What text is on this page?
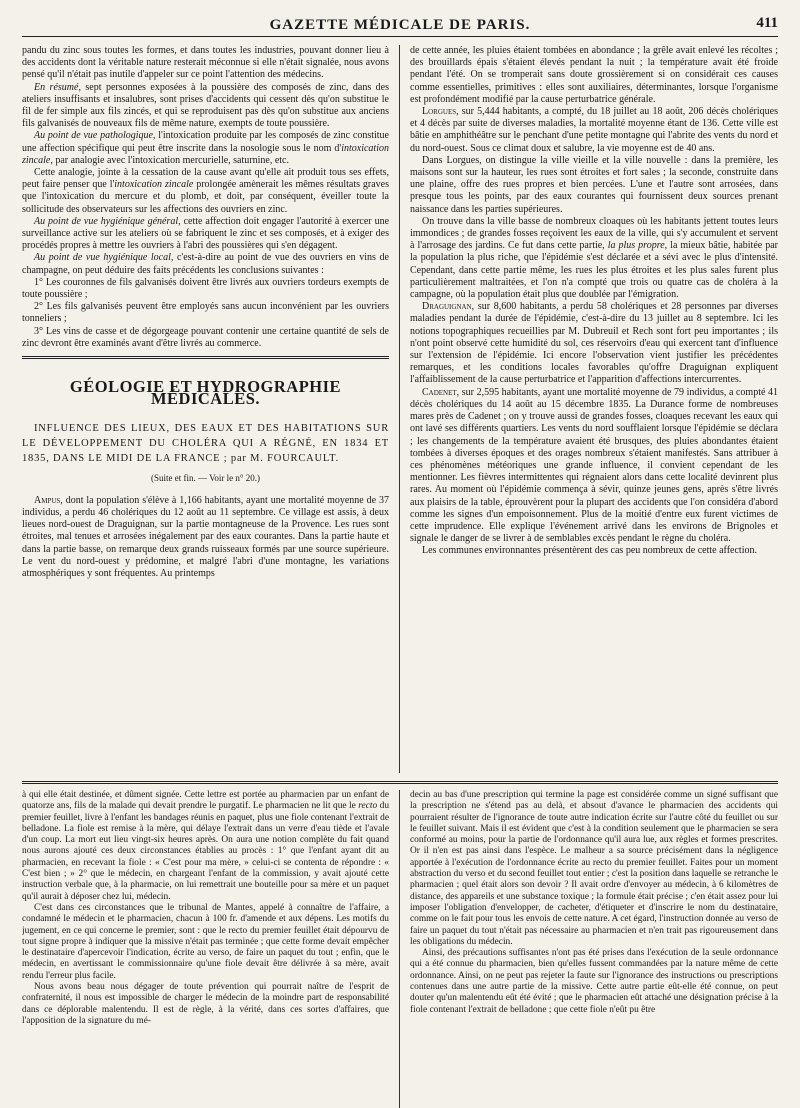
GAZETTE MÉDICALE DE PARIS.	411

pandu du zinc sous toutes les formes, et dans toutes les industries, pouvant donner lieu à des accidents dont la véritable nature resterait méconnue si elle n'était signalée, nous avons pensé qu'il n'était pas inutile d'appeler sur ce point l'attention des médecins.

En résumé, sept personnes exposées à la poussière des composés de zinc, dans des ateliers insuffisants et insalubres, sont prises d'accidents qui cessent dès qu'on substitue le fil de fer simple aux fils zincés, et qui se reproduisent pas dès qu'on substitue aux anciens fils galvanisés de nouveaux fils de même nature, exempts de toute poussière.

Au point de vue pathologique, l'intoxication produite par les composés de zinc constitue une affection spécifique qui peut être inscrite dans la nosologie sous le nom d'intoxication zincale, par analogie avec l'intoxication mercurielle, saturnine, etc.

Cette analogie, jointe à la cessation de la cause avant qu'elle ait produit tous ses effets, peut faire penser que l'intoxication zincale prolongée amènerait les mêmes résultats graves que l'intoxication du mercure et du plomb, et doit, par conséquent, éveiller toute la sollicitude des observateurs sur les affections des ouvriers en zinc.

Au point de vue hygiénique général, cette affection doit engager l'autorité à exercer une surveillance active sur les ateliers où se fabriquent le zinc et ses composés, et à exiger des procédés propres à mettre les ouvriers à l'abri des poussières qui s'en dégagent.

Au point de vue hygiénique local, c'est-à-dire au point de vue des ouvriers en vins de champagne, on peut déduire des faits précédents les conclusions suivantes :

1° Les couronnes de fils galvanisés doivent être livrés aux ouvriers tordeurs exempts de toute poussière ;

2° Les fils galvanisés peuvent être employés sans aucun inconvénient par les ouvriers tonneliers ;

3° Les vins de casse et de dégorgeage pouvant contenir une certaine quantité de sels de zinc devront être examinés avant d'être livrés au commerce.

GÉOLOGIE ET HYDROGRAPHIE MÉDICALES.
INFLUENCE DES LIEUX, DES EAUX ET DES HABITATIONS SUR LE DÉVELOPPEMENT DU CHOLÉRA QUI A RÉGNÉ, EN 1834 ET 1835, DANS LE MIDI DE LA FRANCE ; par M. FOURCAULT.
(Suite et fin. — Voir le n° 20.)

Ampus, dont la population s'élève à 1,166 habitants, ayant une mortalité moyenne de 37 individus, a perdu 46 cholériques du 12 août au 11 septembre. Ce village est assis, à deux lieues nord-ouest de Draguignan, sur la partie montagneuse de la Provence. Les rues sont étroites, mal tenues et arrosées inégalement par des eaux courantes. Dans la partie haute et dans la partie basse, on remarque deux grands ruisseaux formés par une source supérieure. Le vent du nord-ouest y prédomine, et malgré l'abri d'une montagne, les variations atmosphériques y sont fréquentes. Au printemps

de cette année, les pluies étaient tombées en abondance ; la grêle avait enlevé les récoltes ; des brouillards épais s'étaient élevés pendant la nuit ; la température avait été froide pendant l'été. On se tromperait sans doute grossièrement si on considérait ces causes comme essentielles, primitives : elles sont auxiliaires, déterminantes, lorsque l'organisme est profondément modifié par la cause perturbatrice générale.

Lorgues, sur 5,444 habitants, a compté, du 18 juillet au 18 août, 206 décès cholériques et 4 décès par suite de diverses maladies, la mortalité moyenne étant de 136. Cette ville est bâtie en amphithéâtre sur le penchant d'une petite montagne qui l'abrite des vents du nord et du nord-ouest. Sous ce climat doux et salubre, la vie moyenne est de 40 ans.

Dans Lorgues, on distingue la ville vieille et la ville nouvelle : dans la première, les maisons sont sur la hauteur, les rues sont étroites et fort sales ; la seconde, construite dans une plaine, offre des rues propres et bien percées. L'une et l'autre sont arrosées, dans presque tous les points, par des eaux courantes qui fournissent deux sources prenant naissance dans les parties supérieures.

On trouve dans la ville basse de nombreux cloaques où les habitants jettent toutes leurs immondices ; de grandes fosses reçoivent les eaux de la ville, qui s'y accumulent et servent à l'arrosage des jardins. Ce fut dans cette partie, la plus propre, la mieux bâtie, habitée par la population la plus riche, que l'épidémie s'est déclarée et a sévi avec le plus d'intensité. Cependant, dans cette partie même, les rues les plus étroites et les plus sales furent plus particulièrement maltraitées, et l'on n'a compté que trois ou quatre cas de choléra à la campagne, où la population était plus que doublée par l'émigration.

Draguignan, sur 8,600 habitants, a perdu 58 cholériques et 28 personnes par diverses maladies pendant la durée de l'épidémie, c'est-à-dire du 13 juillet au 8 septembre. Ici les notions topographiques recueillies par M. Dubreuil et Rech sont fort peu importantes ; ils n'ont point observé cette humidité du sol, ces réservoirs d'eau qui exercent tant d'influence sur l'extension de l'épidémie. Ici encore l'observation vient justifier les précédentes remarques, et les conditions locales favorables qu'offre Draguignan expliquent l'affaiblissement de la cause perturbatrice et l'apparition d'affections intercurrentes.

Cadenet, sur 2,595 habitants, ayant une mortalité moyenne de 79 individus, a compté 41 décès cholériques du 14 août au 15 décembre 1835. La Durance forme de nombreuses mares près de Cadenet ; on y trouve aussi de grandes fosses, cloaques recevant les eaux qui ont lavé ses différents quartiers. Les vents du nord soufflaient lorsque l'épidémie se déclara ; les changements de la température avaient été brusques, des pluies abondantes étaient tombées à diverses époques et des orages nombreux s'étaient manifestés. Sans attribuer à ces phénomènes météoriques une grande influence, il convient cependant de les mentionner. Les fièvres intermittentes qui régnaient alors dans cette localité devinrent plus rares. Au moment où l'épidémie commença à sévir, quinze jeunes gens, après s'être livrés aux plaisirs de la table, éprouvèrent pour la plupart des accidents que l'on considéra d'abord comme les signes d'un empoisonnement. Plus de la moitié d'entre eux furent victimes de cette imprudence. Elle explique l'événement arrivé dans les environs de Brignoles et signale le danger de se livrer à de semblables excès pendant le règne du choléra.

Les communes environnantes présentèrent des cas peu nombreux de cette affection.

à qui elle était destinée, et dûment signée. Cette lettre est portée au pharmacien par un enfant de quatorze ans, fils de la malade qui devait prendre le purgatif. Le pharmacien ne lit que le recto du premier feuillet, livre à l'enfant les bandages réunis en paquet, plus une fiole contenant l'extrait de belladone. La fiole est remise à la mère, qui délaye l'extrait dans un verre d'eau tiède et l'avale d'un coup. La mort eut lieu vingt-six heures après. On aura une notion complète du fait quand nous aurons ajouté ces deux circonstances établies au procès : 1° que l'enfant ayant dit au pharmacien, en recevant la fiole : « C'est pour ma mère, » celui-ci se contenta de répondre : « C'est bien ; » 2° que le médecin, en chargeant l'enfant de la commission, y avait ajouté cette instruction verbale que, à la pharmacie, on lui remettrait une bouteille pour sa mère et un paquet qu'il aurait à déposer chez lui, médecin.

C'est dans ces circonstances que le tribunal de Mantes, appelé à connaître de l'affaire, a condamné le médecin et le pharmacien, chacun à 100 fr. d'amende et aux dépens. Les motifs du jugement, en ce qui concerne le premier, sont : que le recto du premier feuillet était dépourvu de tout signe propre à indiquer que la missive n'était pas terminée ; que cette forme devait empêcher le destinataire d'apercevoir l'indication, écrite au verso, de faire un paquet du tout ; enfin, que le médecin, en avertissant le commissionnaire qu'une fiole devait être délivrée à sa mère, avait rendu l'erreur plus facile.

Nous avons beau nous dégager de toute prévention qui pourrait naître de l'esprit de confraternité, il nous est impossible de charger le médecin de la moindre part de responsabilité dans ce déplorable malentendu. Il est de règle, à la vérité, dans ces sortes d'affaires, que l'apposition de la signature du mé-

decin au bas d'une prescription qui termine la page est considérée comme un signé suffisant que la prescription ne s'étend pas au delà, et absout d'avance le pharmacien des accidents qui pourraient résulter de l'ignorance de toute autre indication écrite sur l'autre côté du feuillet ou sur le feuillet suivant. Mais il est évident que c'est à la condition seulement que le pharmacien se sera conformé au moins, pour la partie de l'ordonnance qu'il aura lue, aux règles et formes prescrites. Or il n'en est pas ainsi dans l'espèce. Le malheur a sa source précisément dans la négligence apportée à l'exécution de l'ordonnance écrite au recto du premier feuillet. Faites pour un moment abstraction du verso et du second feuillet tout entier ; c'est la position dans laquelle se retranche le pharmacien ; quel était alors son devoir ? Il avait ordre d'envoyer au médecin, à 6 kilomètres de distance, des appareils et une substance toxique ; la formule était précise ; c'en était assez pour lui imposer l'obligation d'envelopper, de cacheter, d'étiqueter et d'inscrire le nom du destinataire, comme on le fait pour tous les envois de cette nature. A cet égard, l'instruction donnée au verso de faire un paquet du tout n'était pas nécessaire au pharmacien et n'en trait pas rigoureusement dans les obligations du médecin.

Ainsi, des précautions suffisantes n'ont pas été prises dans l'exécution de la seule ordonnance qui a été connue du pharmacien, bien qu'elles fussent commandées par la nature même de cette ordonnance. Ainsi, on ne peut pas rejeter la faute sur l'ignorance des instructions ou prescriptions contenues dans une autre partie de la missive. Cette autre partie eût-elle été connue, on peut douter qu'un malentendu eût été évité ; que le pharmacien eût attaché une désignation précise à la fiole contenant l'extrait de belladone ; que cette fiole n'eût pu être
